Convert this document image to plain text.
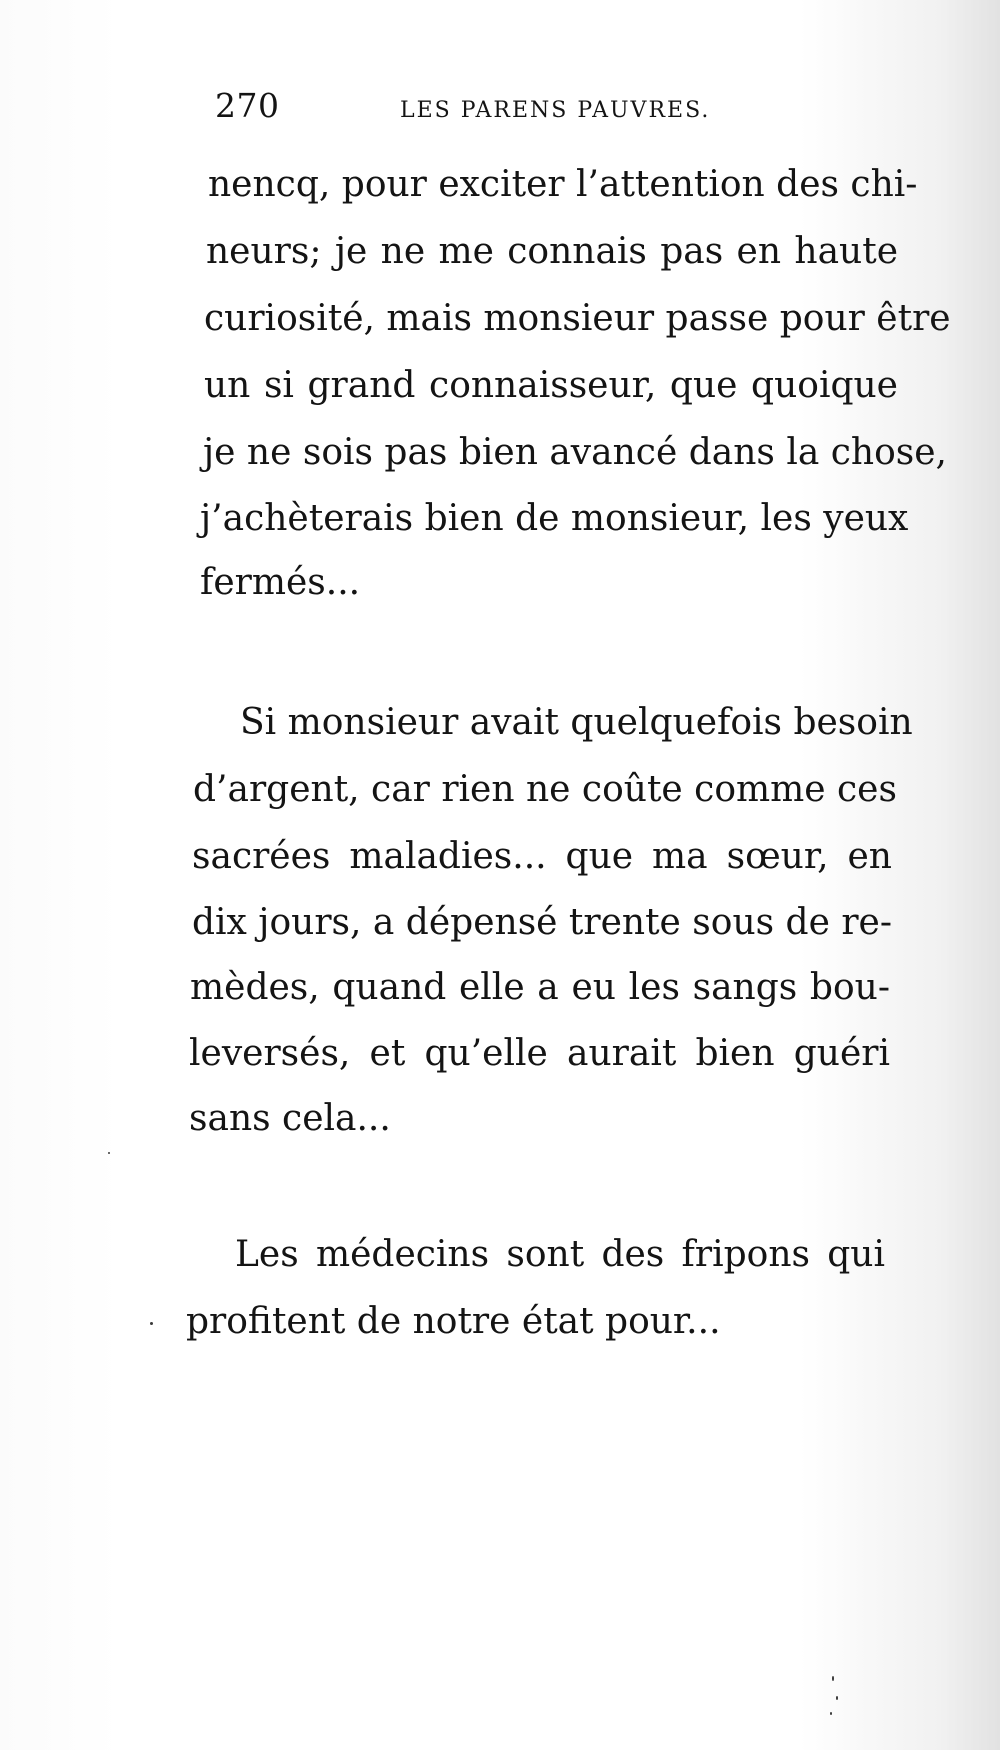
270	LES PARENS PAUVRES.
nencq, pour exciter l’attention des chi-
neurs; je ne me connais pas en haute
curiosité, mais monsieur passe pour être
un si grand connaisseur, que quoique
je ne sois pas bien avancé dans la chose,
j’achèterais bien de monsieur, les yeux
fermés...
Si monsieur avait quelquefois besoin
d’argent, car rien ne coûte comme ces
sacrées maladies... que ma sœur, en
dix jours, a dépensé trente sous de re-
mèdes, quand elle a eu les sangs bou-
leversés, et qu’elle aurait bien guéri
sans cela...
Les médecins sont des fripons qui
profitent de notre état pour...
